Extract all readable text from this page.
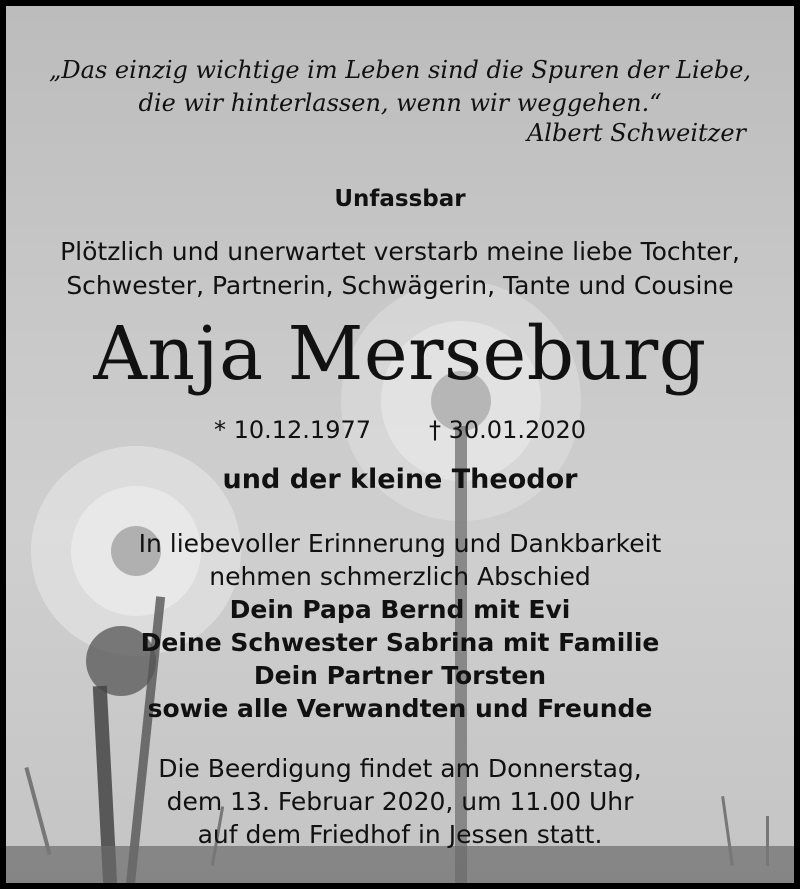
„Das einzig wichtige im Leben sind die Spuren der Liebe,
die wir hinterlassen, wenn wir weggehen.“
Albert Schweitzer
Unfassbar
Plötzlich und unerwartet verstarb meine liebe Tochter,
Schwester, Partnerin, Schwägerin, Tante und Cousine
Anja Merseburg
* 10.12.1977 † 30.01.2020
und der kleine Theodor
In liebevoller Erinnerung und Dankbarkeit
nehmen schmerzlich Abschied
Dein Papa Bernd mit Evi
Deine Schwester Sabrina mit Familie
Dein Partner Torsten
sowie alle Verwandten und Freunde
Die Beerdigung findet am Donnerstag,
dem 13. Februar 2020, um 11.00 Uhr
auf dem Friedhof in Jessen statt.
